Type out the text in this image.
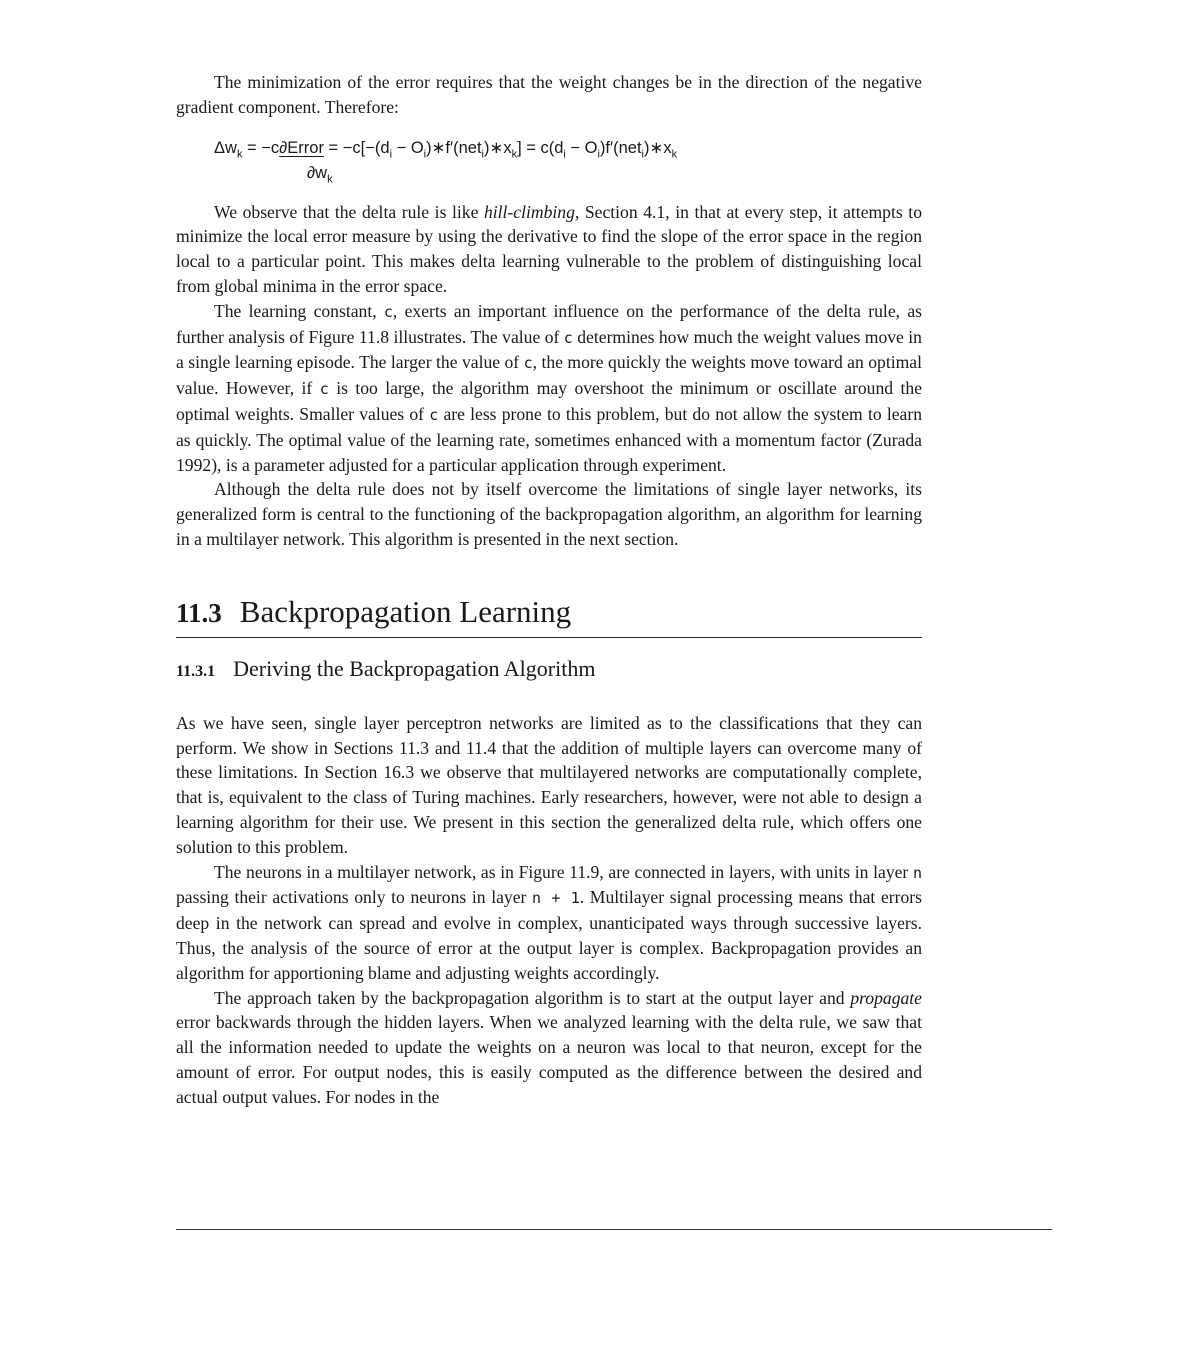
The minimization of the error requires that the weight changes be in the direction of the negative gradient component. Therefore:

$\Delta w_k$ = −c∂Error = $-c[-(d_i$ − $O_i)∗f'(net_i)∗x_k] = c(d_i$ − $O_i)f'(net_i)∗x_k$
$\partial w_k$

We observe that the delta rule is like hill-climbing, Section 4.1, in that at every step, it attempts to minimize the local error measure by using the derivative to find the slope of the error space in the region local to a particular point. This makes delta learning vulnerable to the problem of distinguishing local from global minima in the error space.

The learning constant, c, exerts an important influence on the performance of the delta rule, as further analysis of Figure 11.8 illustrates. The value of c determines how much the weight values move in a single learning episode. The larger the value of c, the more quickly the weights move toward an optimal value. However, if c is too large, the algorithm may overshoot the minimum or oscillate around the optimal weights. Smaller values of c are less prone to this problem, but do not allow the system to learn as quickly. The optimal value of the learning rate, sometimes enhanced with a momentum factor (Zurada 1992), is a parameter adjusted for a particular application through experiment.

Although the delta rule does not by itself overcome the limitations of single layer networks, its generalized form is central to the functioning of the backpropagation algorithm, an algorithm for learning in a multilayer network. This algorithm is presented in the next section.

11.3 Backpropagation Learning
11.3.1 Deriving the Backpropagation Algorithm

As we have seen, single layer perceptron networks are limited as to the classifications that they can perform. We show in Sections 11.3 and 11.4 that the addition of multiple layers can overcome many of these limitations. In Section 16.3 we observe that multilayered networks are computationally complete, that is, equivalent to the class of Turing machines. Early researchers, however, were not able to design a learning algorithm for their use. We present in this section the generalized delta rule, which offers one solution to this problem.

The neurons in a multilayer network, as in Figure 11.9, are connected in layers, with units in layer n passing their activations only to neurons in layer n + 1. Multilayer signal processing means that errors deep in the network can spread and evolve in complex, unanticipated ways through successive layers. Thus, the analysis of the source of error at the output layer is complex. Backpropagation provides an algorithm for apportioning blame and adjusting weights accordingly.

The approach taken by the backpropagation algorithm is to start at the output layer and propagate error backwards through the hidden layers. When we analyzed learning with the delta rule, we saw that all the information needed to update the weights on a neuron was local to that neuron, except for the amount of error. For output nodes, this is easily computed as the difference between the desired and actual output values. For nodes in the
